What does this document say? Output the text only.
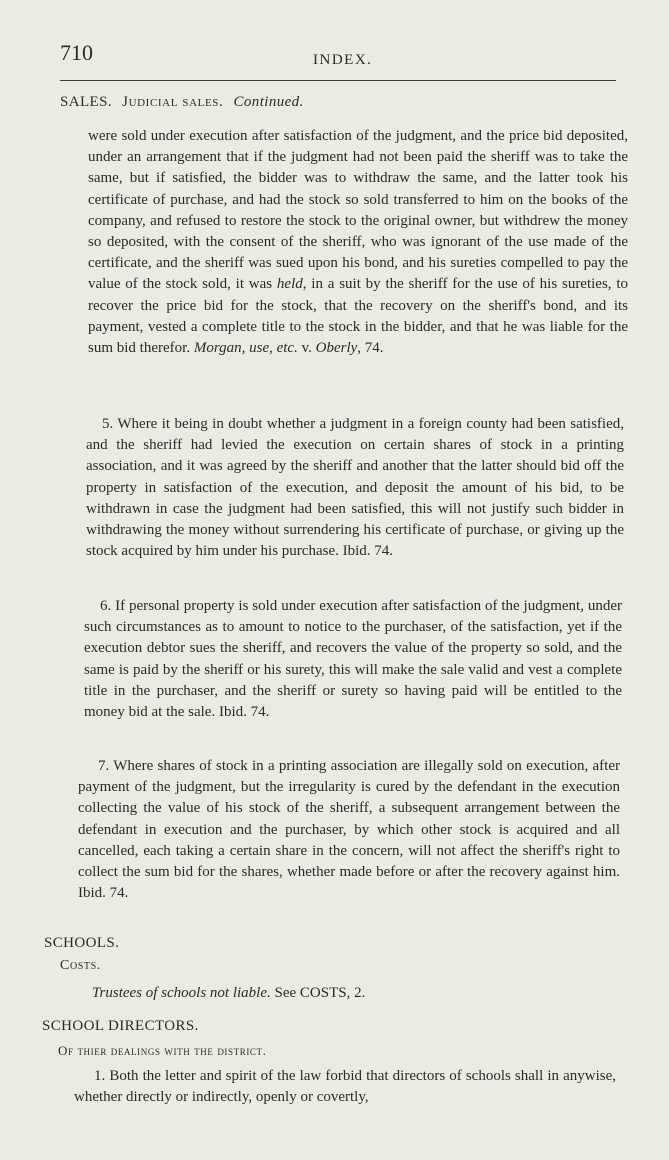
710	INDEX.
SALES. Judicial sales. Continued.
were sold under execution after satisfaction of the judgment, and the price bid deposited, under an arrangement that if the judgment had not been paid the sheriff was to take the same, but if satisfied, the bidder was to withdraw the same, and the latter took his certificate of purchase, and had the stock so sold transferred to him on the books of the company, and refused to restore the stock to the original owner, but withdrew the money so deposited, with the consent of the sheriff, who was ignorant of the use made of the certificate, and the sheriff was sued upon his bond, and his sureties compelled to pay the value of the stock sold, it was held, in a suit by the sheriff for the use of his sureties, to recover the price bid for the stock, that the recovery on the sheriff's bond, and its payment, vested a complete title to the stock in the bidder, and that he was liable for the sum bid therefor. Morgan, use, etc. v. Oberly, 74.
5. Where it being in doubt whether a judgment in a foreign county had been satisfied, and the sheriff had levied the execution on certain shares of stock in a printing association, and it was agreed by the sheriff and another that the latter should bid off the property in satisfaction of the execution, and deposit the amount of his bid, to be withdrawn in case the judgment had been satisfied, this will not justify such bidder in withdrawing the money without surrendering his certificate of purchase, or giving up the stock acquired by him under his purchase. Ibid. 74.
6. If personal property is sold under execution after satisfaction of the judgment, under such circumstances as to amount to notice to the purchaser, of the satisfaction, yet if the execution debtor sues the sheriff, and recovers the value of the property so sold, and the same is paid by the sheriff or his surety, this will make the sale valid and vest a complete title in the purchaser, and the sheriff or surety so having paid will be entitled to the money bid at the sale. Ibid. 74.
7. Where shares of stock in a printing association are illegally sold on execution, after payment of the judgment, but the irregularity is cured by the defendant in the execution collecting the value of his stock of the sheriff, a subsequent arrangement between the defendant in execution and the purchaser, by which other stock is acquired and all cancelled, each taking a certain share in the concern, will not affect the sheriff's right to collect the sum bid for the shares, whether made before or after the recovery against him. Ibid. 74.
SCHOOLS.
Costs.
Trustees of schools not liable. See COSTS, 2.
SCHOOL DIRECTORS.
Of thier dealings with the district.
1. Both the letter and spirit of the law forbid that directors of schools shall in anywise, whether directly or indirectly, openly or covertly,
